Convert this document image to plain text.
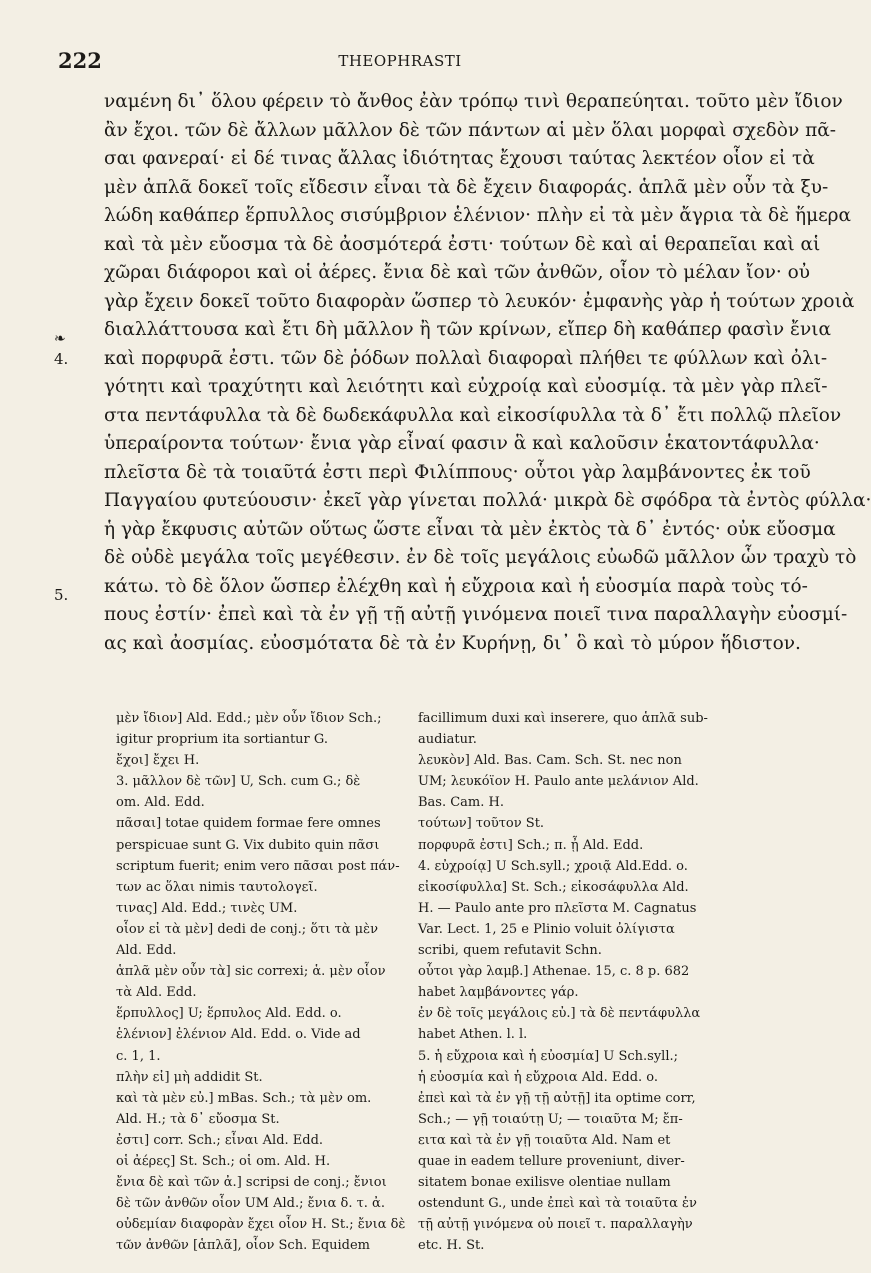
222	THEOPHRASTI
❧
4.
5.
ναμένη δι᾽ ὅλου φέρειν τὸ ἄνθος ἐὰν τρόπῳ τινὶ θεραπεύηται. τοῦτο μὲν ἴδιον
ἂν ἔχοι. τῶν δὲ ἄλλων μᾶλλον δὲ τῶν πάντων αἱ μὲν ὅλαι μορφαὶ σχεδὸν πᾶ-
σαι φανεραί· εἰ δέ τινας ἄλλας ἰδιότητας ἔχουσι ταύτας λεκτέον οἷον εἰ τὰ
μὲν ἁπλᾶ δοκεῖ τοῖς εἴδεσιν εἶναι τὰ δὲ ἔχειν διαφοράς. ἁπλᾶ μὲν οὖν τὰ ξυ-
λώδη καθάπερ ἕρπυλλος σισύμβριον ἑλένιον· πλὴν εἰ τὰ μὲν ἄγρια τὰ δὲ ἥμερα
καὶ τὰ μὲν εὔοσμα τὰ δὲ ἀοσμότερά ἐστι· τούτων δὲ καὶ αἱ θεραπεῖαι καὶ αἱ
χῶραι διάφοροι καὶ οἱ ἀέρες. ἔνια δὲ καὶ τῶν ἀνθῶν, οἷον τὸ μέλαν ἴον· οὐ
γὰρ ἔχειν δοκεῖ τοῦτο διαφορὰν ὥσπερ τὸ λευκόν· ἐμφανὴς γὰρ ἡ τούτων χροιὰ
διαλλάττουσα καὶ ἔτι δὴ μᾶλλον ἢ τῶν κρίνων, εἴπερ δὴ καθάπερ φασὶν ἔνια
καὶ πορφυρᾶ ἐστι. τῶν δὲ ῥόδων πολλαὶ διαφοραὶ πλήθει τε φύλλων καὶ ὀλι-
γότητι καὶ τραχύτητι καὶ λειότητι καὶ εὐχροίᾳ καὶ εὐοσμίᾳ. τὰ μὲν γὰρ πλεῖ-
στα πεντάφυλλα τὰ δὲ δωδεκάφυλλα καὶ εἰκοσίφυλλα τὰ δ᾽ ἔτι πολλῷ πλεῖον
ὑπεραίροντα τούτων· ἔνια γὰρ εἶναί φασιν ἃ καὶ καλοῦσιν ἑκατοντάφυλλα·
πλεῖστα δὲ τὰ τοιαῦτά ἐστι περὶ Φιλίππους· οὗτοι γὰρ λαμβάνοντες ἐκ τοῦ
Παγγαίου φυτεύουσιν· ἐκεῖ γὰρ γίνεται πολλά· μικρὰ δὲ σφόδρα τὰ ἐντὸς φύλλα·
ἡ γὰρ ἔκφυσις αὐτῶν οὕτως ὥστε εἶναι τὰ μὲν ἐκτὸς τὰ δ᾽ ἐντός· οὐκ εὔοσμα
δὲ οὐδὲ μεγάλα τοῖς μεγέθεσιν. ἐν δὲ τοῖς μεγάλοις εὐωδῶ μᾶλλον ὧν τραχὺ τὸ
κάτω. τὸ δὲ ὅλον ὥσπερ ἐλέχθη καὶ ἡ εὔχροια καὶ ἡ εὐοσμία παρὰ τοὺς τό-
πους ἐστίν· ἐπεὶ καὶ τὰ ἐν γῇ τῇ αὐτῇ γινόμενα ποιεῖ τινα παραλλαγὴν εὐοσμί-
ας καὶ ἀοσμίας. εὐοσμότατα δὲ τὰ ἐν Κυρήνῃ, δι᾽ ὃ καὶ τὸ μύρον ἥδιστον.
μὲν ἴδιον] Ald. Edd.; μὲν οὖν ἴδιον Sch.;
igitur proprium ita sortiantur G.
ἔχοι] ἔχει H.
3. μᾶλλον δὲ τῶν] U, Sch. cum G.; δὲ
om. Ald. Edd.
πᾶσαι] totae quidem formae fere omnes
perspicuae sunt G. Vix dubito quin πᾶσι
scriptum fuerit; enim vero πᾶσαι post πάν-
των ac ὅλαι nimis ταυτολογεῖ.
τινας] Ald. Edd.; τινὲς UM.
οἷον εἰ τὰ μὲν] dedi de conj.; ὅτι τὰ μὲν
Ald. Edd.
ἁπλᾶ μὲν οὖν τὰ] sic correxi; ἁ. μὲν οἷον
τὰ Ald. Edd.
ἕρπυλλος] U; ἕρπυλος Ald. Edd. o.
ἑλένιον] ἐλένιον Ald. Edd. o. Vide ad
c. 1, 1.
πλὴν εἰ] μὴ addidit St.
καὶ τὰ μὲν εὐ.] mBas. Sch.; τὰ μὲν om.
Ald. H.; τὰ δ᾽ εὔοσμα St.
ἐστι] corr. Sch.; εἶναι Ald. Edd.
οἱ ἀέρες] St. Sch.; οἱ om. Ald. H.
ἔνια δὲ καὶ τῶν ἀ.] scripsi de conj.; ἔνιοι
δὲ τῶν ἀνθῶν οἷον UM Ald.; ἔνια δ. τ. ἀ.
οὐδεμίαν διαφορὰν ἔχει οἷον H. St.; ἔνια δὲ
τῶν ἀνθῶν [ἁπλᾶ], οἷον Sch. Equidem
facillimum duxi καὶ inserere, quo ἁπλᾶ sub-
audiatur.
λευκὸν] Ald. Bas. Cam. Sch. St. nec non
UM; λευκόϊον H. Paulo ante μελάνιον Ald.
Bas. Cam. H.
τούτων] τοῦτον St.
πορφυρᾶ ἐστι] Sch.; π. ᾖ Ald. Edd.
4. εὐχροίᾳ] U Sch.syll.; χροιᾷ Ald.Edd. o.
εἰκοσίφυλλα] St. Sch.; εἰκοσάφυλλα Ald.
H. — Paulo ante pro πλεῖστα M. Cagnatus
Var. Lect. 1, 25 e Plinio voluit ὀλίγιστα
scribi, quem refutavit Schn.
οὗτοι γὰρ λαμβ.] Athenae. 15, c. 8 p. 682
habet λαμβάνοντες γάρ.
ἐν δὲ τοῖς μεγάλοις εὐ.] τὰ δὲ πεντάφυλλα
habet Athen. l. l.
5. ἡ εὔχροια καὶ ἡ εὐοσμία] U Sch.syll.;
ἡ εὐοσμία καὶ ἡ εὔχροια Ald. Edd. o.
ἐπεὶ καὶ τὰ ἐν γῇ τῇ αὐτῇ] ita optime corr,
Sch.; — γῇ τοιαύτῃ U; — τοιαῦτα M; ἔπ-
ειτα καὶ τὰ ἐν γῇ τοιαῦτα Ald. Nam et
quae in eadem tellure proveniunt, diver-
sitatem bonae exilisve olentiae nullam
ostendunt G., unde ἐπεὶ καὶ τὰ τοιαῦτα ἐν
τῇ αὐτῇ γινόμενα οὐ ποιεῖ τ. παραλλαγὴν
etc. H. St.
